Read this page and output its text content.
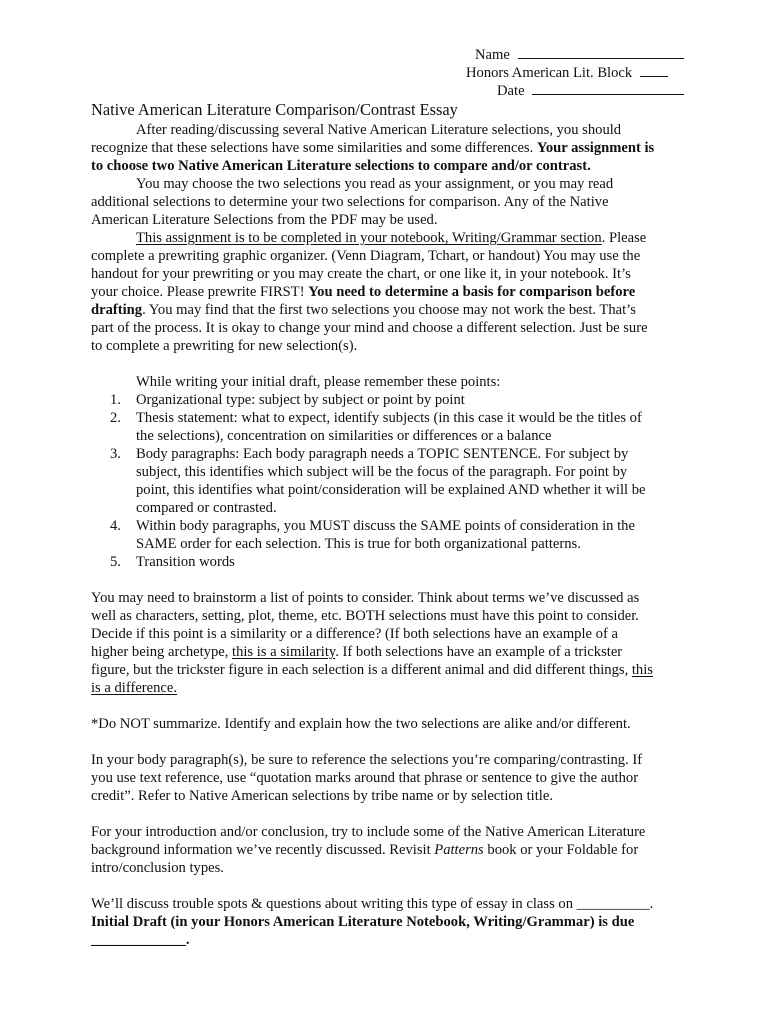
Name
Honors American Lit. Block
Date
Native American Literature Comparison/Contrast Essay
After reading/discussing several Native American Literature selections, you should
recognize that these selections have some similarities and some differences. Your assignment is
to choose two Native American Literature selections to compare and/or contrast.
You may choose the two selections you read as your assignment, or you may read
additional selections to determine your two selections for comparison. Any of the Native
American Literature Selections from the PDF may be used.
This assignment is to be completed in your notebook, Writing/Grammar section. Please
complete a prewriting graphic organizer. (Venn Diagram, Tchart, or handout) You may use the
handout for your prewriting or you may create the chart, or one like it, in your notebook. It’s
your choice. Please prewrite FIRST! You need to determine a basis for comparison before
drafting. You may find that the first two selections you choose may not work the best. That’s
part of the process. It is okay to change your mind and choose a different selection. Just be sure
to complete a prewriting for new selection(s).
While writing your initial draft, please remember these points:
1. Organizational type: subject by subject or point by point
2. Thesis statement: what to expect, identify subjects (in this case it would be the titles of
the selections), concentration on similarities or differences or a balance
3. Body paragraphs: Each body paragraph needs a TOPIC SENTENCE. For subject by
subject, this identifies which subject will be the focus of the paragraph. For point by
point, this identifies what point/consideration will be explained AND whether it will be
compared or contrasted.
4. Within body paragraphs, you MUST discuss the SAME points of consideration in the
SAME order for each selection. This is true for both organizational patterns.
5. Transition words
You may need to brainstorm a list of points to consider. Think about terms we’ve discussed as
well as characters, setting, plot, theme, etc. BOTH selections must have this point to consider.
Decide if this point is a similarity or a difference? (If both selections have an example of a
higher being archetype, this is a similarity. If both selections have an example of a trickster
figure, but the trickster figure in each selection is a different animal and did different things, this
is a difference.
*Do NOT summarize. Identify and explain how the two selections are alike and/or different.
In your body paragraph(s), be sure to reference the selections you’re comparing/contrasting. If
you use text reference, use “quotation marks around that phrase or sentence to give the author
credit”. Refer to Native American selections by tribe name or by selection title.
For your introduction and/or conclusion, try to include some of the Native American Literature
background information we’ve recently discussed. Revisit Patterns book or your Foldable for
intro/conclusion types.
We’ll discuss trouble spots & questions about writing this type of essay in class on __________.
Initial Draft (in your Honors American Literature Notebook, Writing/Grammar) is due
_____________.
